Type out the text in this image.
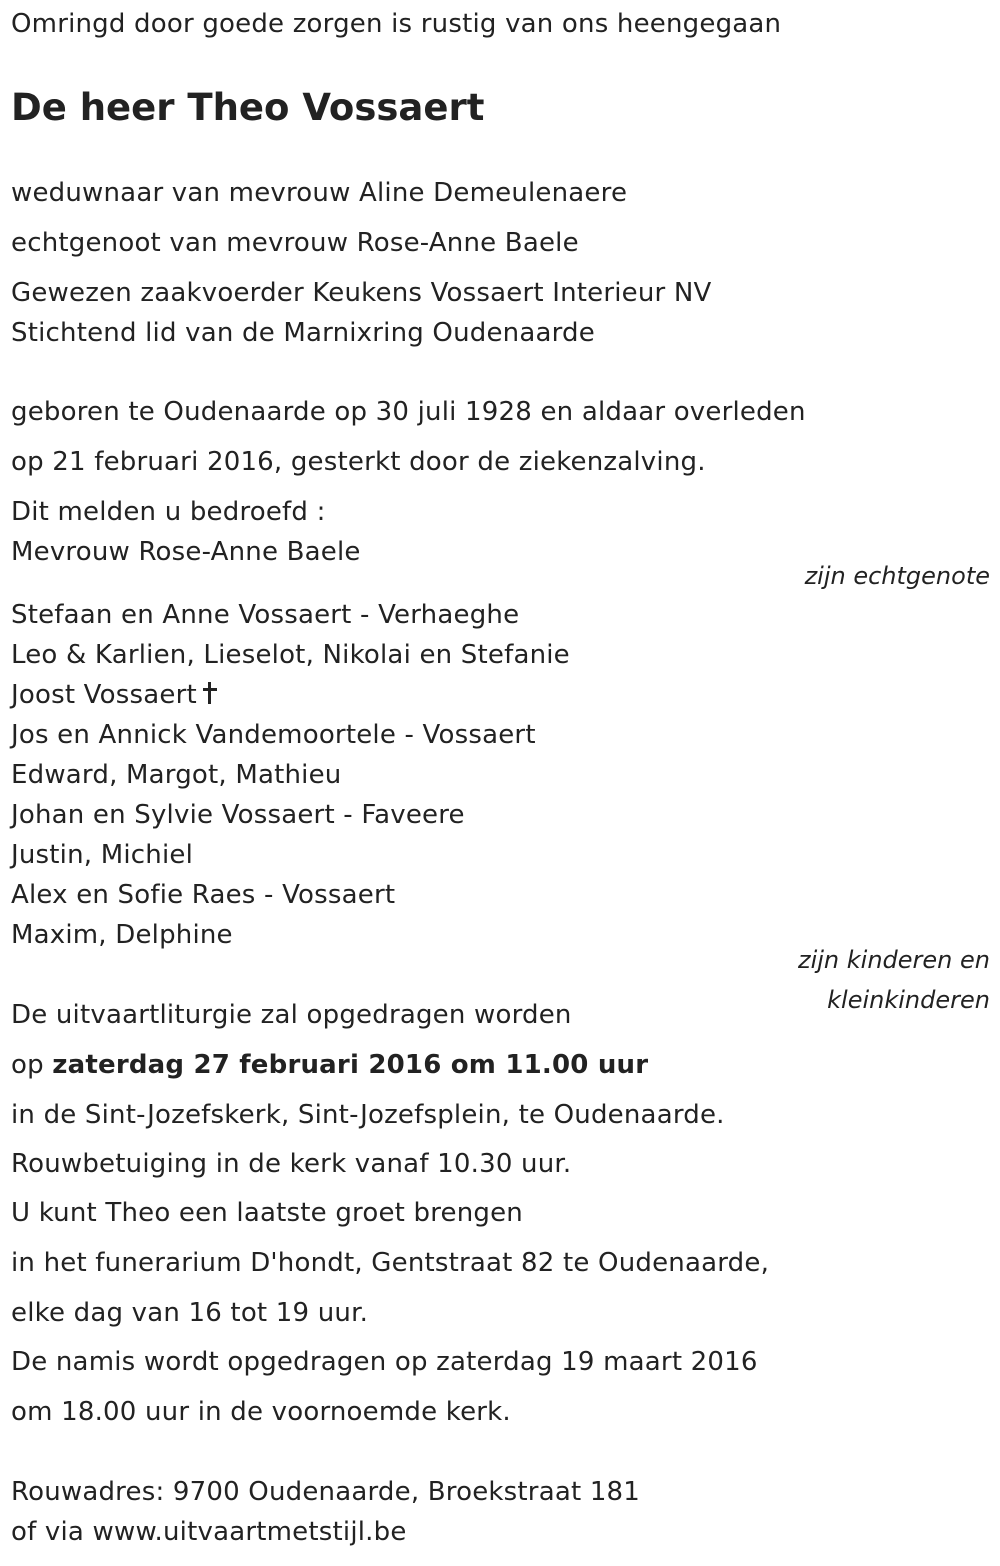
Omringd door goede zorgen is rustig van ons heengegaan
De heer Theo Vossaert
weduwnaar van mevrouw Aline Demeulenaere
echtgenoot van mevrouw Rose-Anne Baele
Gewezen zaakvoerder Keukens Vossaert Interieur NV
Stichtend lid van de Marnixring Oudenaarde
geboren te Oudenaarde op 30 juli 1928 en aldaar overleden
op 21 februari 2016, gesterkt door de ziekenzalving.
Dit melden u bedroefd :
Mevrouw Rose-Anne Baele
zijn echtgenote
Stefaan en Anne Vossaert - Verhaeghe
Leo & Karlien, Lieselot, Nikolai en Stefanie
Joost Vossaert
Jos en Annick Vandemoortele - Vossaert
Edward, Margot, Mathieu
Johan en Sylvie Vossaert - Faveere
Justin, Michiel
Alex en Sofie Raes - Vossaert
Maxim, Delphine
zijn kinderen en
kleinkinderen
De uitvaartliturgie zal opgedragen worden
op zaterdag 27 februari 2016 om 11.00 uur
in de Sint-Jozefskerk, Sint-Jozefsplein, te Oudenaarde.
Rouwbetuiging in de kerk vanaf 10.30 uur.
U kunt Theo een laatste groet brengen
in het funerarium D'hondt, Gentstraat 82 te Oudenaarde,
elke dag van 16 tot 19 uur.
De namis wordt opgedragen op zaterdag 19 maart 2016
om 18.00 uur in de voornoemde kerk.
Rouwadres: 9700 Oudenaarde, Broekstraat 181
of via www.uitvaartmetstijl.be
